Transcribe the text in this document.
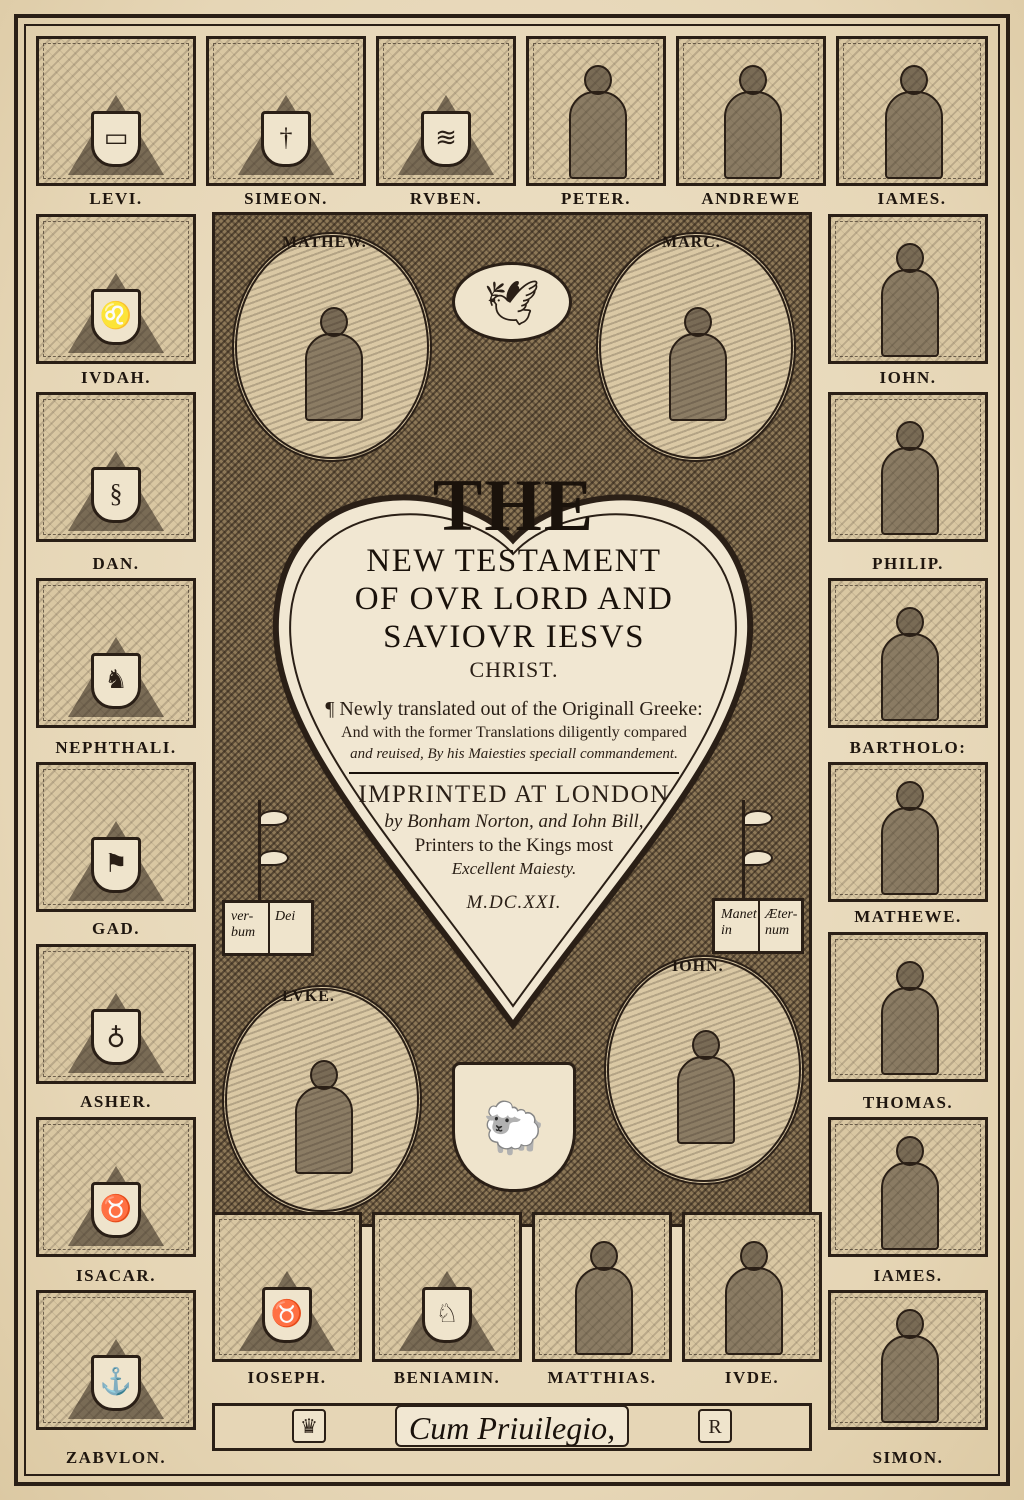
▭
LEVI.
†
SIMEON.
≋
RVBEN.	PETER.	ANDREWE	IAMES.
♌
IVDAH.
§
DAN.
♞
NEPHTHALI.
⚑
GAD.
♁
ASHER.
♉
ISACAR.
⚓
ZABVLON.
IOHN.
PHILIP.
BARTHOLO:
MATHEWE.
THOMAS.
IAMES.
SIMON.
MATHEW.	MARC.
LVKE.
IOHN.
🕊
🐑
ver- bum
Dei	Manet in
Æter- num
THE
NEW TESTAMENT
OF OVR LORD AND
SAVIOVR IESVS
CHRIST.
¶ Newly translated out of the Originall Greeke:
And with the former Translations diligently compared
and reuised, By his Maiesties speciall commandement.
IMPRINTED AT LONDON
by Bonham Norton, and Iohn Bill,
Printers to the Kings most
Excellent Maiesty.
M.DC.XXI.
♉
IOSEPH.
♘
BENIAMIN.	MATTHIAS.	IVDE.
♛	R
Cum Priuilegio,
